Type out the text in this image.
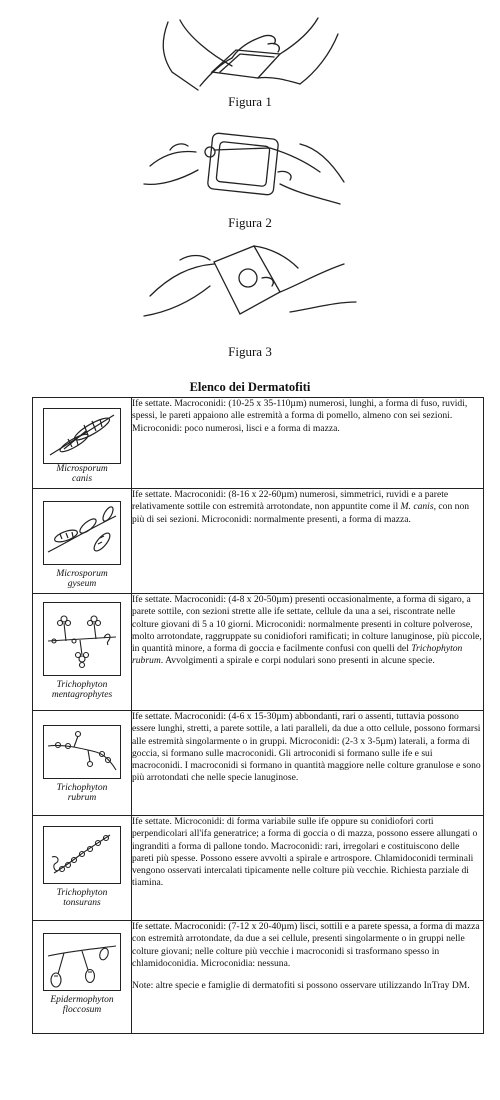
Figura 1
Figura 2
Figura 3
Elenco dei Dermatofiti
Microsporum
canis	Ife settate. Macroconidi: (10-25 x 35-110µm) numerosi, lunghi, a forma di fuso, ruvidi, spessi, le pareti appaiono alle estremità a forma di pomello, almeno con sei sezioni. Microconidi: poco numerosi, lisci e a forma di mazza.

Microsporum
gyseum	Ife settate. Macroconidi: (8-16 x 22-60µm) numerosi, simmetrici, ruvidi e a parete relativamente sottile con estremità arrotondate, non appuntite come il M. canis, con non più di sei sezioni. Microconidi: normalmente presenti, a forma di mazza.

Trichophyton
mentagrophytes	Ife settate. Macroconidi: (4-8 x 20-50µm) presenti occasionalmente, a forma di sigaro, a parete sottile, con sezioni strette alle ife settate, cellule da una a sei, riscontrate nelle colture giovani di 5 a 10 giorni. Microconidi: normalmente presenti in colture polverose, molto arrotondate, raggruppate su conidiofori ramificati; in colture lanuginose, più piccole, in quantità minore, a forma di goccia e facilmente confusi con quelli del Trichophyton rubrum. Avvolgimenti a spirale e corpi nodulari sono presenti in alcune specie.

Trichophyton
rubrum	Ife settate. Macroconidi: (4-6 x 15-30µm) abbondanti, rari o assenti, tuttavia possono essere lunghi, stretti, a parete sottile, a lati paralleli, da due a otto cellule, possono formarsi alle estremità singolarmente o in gruppi. Microconidi: (2-3 x 3-5µm) laterali, a forma di goccia, si formano sulle macroconidi. Gli artroconidi si formano sulle ife e sui macroconidi. I macroconidi si formano in quantità maggiore nelle colture granulose e sono più arrotondati che nelle specie lanuginose.

Trichophyton
tonsurans	Ife settate. Microconidi: di forma variabile sulle ife oppure su conidiofori corti perpendicolari all'ifa generatrice; a forma di goccia o di mazza, possono essere allungati o ingranditi a forma di pallone tondo. Macroconidi: rari, irregolari e costituiscono delle pareti più spesse. Possono essere avvolti a spirale e artrospore. Chlamidoconidi terminali vengono osservati intercalati tipicamente nelle colture più vecchie. Richiesta parziale di tiamina.

Epidermophyton
floccosum	Ife settate. Macroconidi: (7-12 x 20-40µm) lisci, sottili e a parete spessa, a forma di mazza con estremità arrotondate, da due a sei cellule, presenti singolarmente o in gruppi nelle colture giovani; nelle colture più vecchie i macroconidi si trasformano spesso in chlamidoconidia. Microconidia: nessuna.
Note: altre specie e famiglie di dermatofiti si possono osservare utilizzando InTray DM.
